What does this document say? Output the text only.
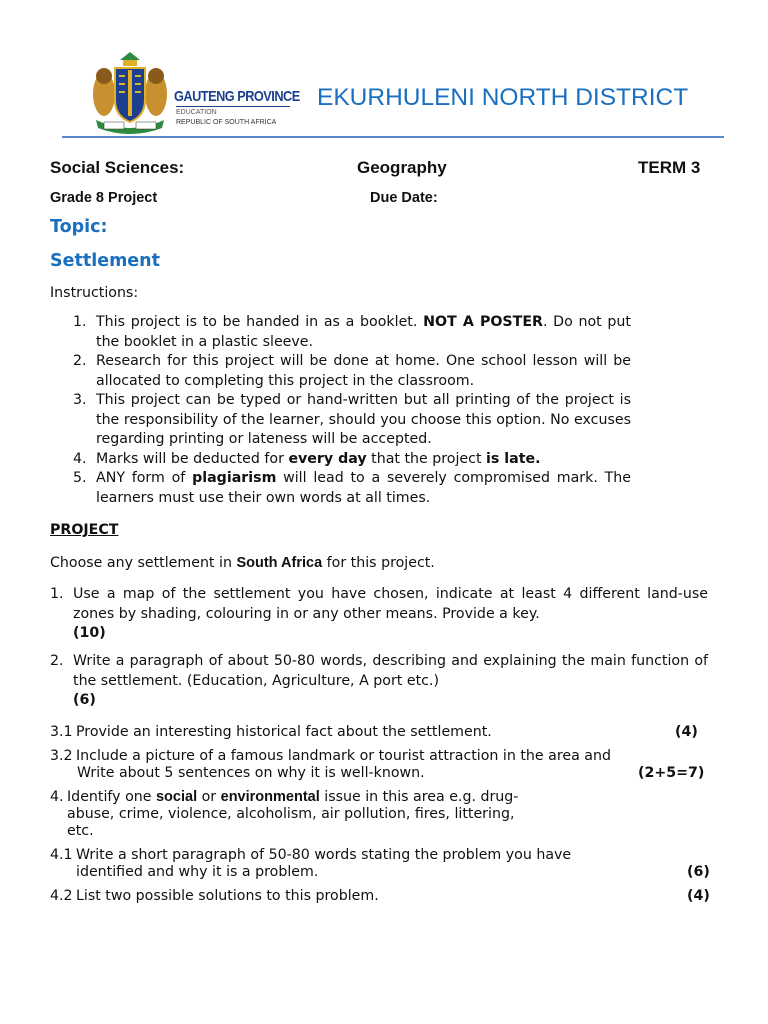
GAUTENG PROVINCE
EDUCATION
REPUBLIC OF SOUTH AFRICA
EKURHULENI NORTH DISTRICT
Social Sciences:	Geography	TERM 3
Grade 8 Project	Due Date:
Topic:
Settlement
Instructions:
1. This project is to be handed in as a booklet. NOT A POSTER. Do not put the booklet in a plastic sleeve.
2. Research for this project will be done at home. One school lesson will be allocated to completing this project in the classroom.
3. This project can be typed or hand-written but all printing of the project is the responsibility of the learner, should you choose this option. No excuses regarding printing or lateness will be accepted.
4. Marks will be deducted for every day that the project is late.
5. ANY form of plagiarism will lead to a severely compromised mark. The learners must use their own words at all times.
PROJECT
Choose any settlement in South Africa for this project.
1. Use a map of the settlement you have chosen, indicate at least 4 different land-use zones by shading, colouring in or any other means. Provide a key.
(10)
2. Write a paragraph of about 50-80 words, describing and explaining the main function of the settlement. (Education, Agriculture, A port etc.)
(6)
3.1 Provide an interesting historical fact about the settlement.	(4)
3.2 Include a picture of a famous landmark or tourist attraction in the area and
Write about 5 sentences on why it is well-known.	(2+5=7)
4. Identify one social or environmental issue in this area e.g. drug-
abuse, crime, violence, alcoholism, air pollution, fires, littering,
etc.
4.1 Write a short paragraph of 50-80 words stating the problem you have
identified and why it is a problem.	(6)
4.2 List two possible solutions to this problem.	(4)
